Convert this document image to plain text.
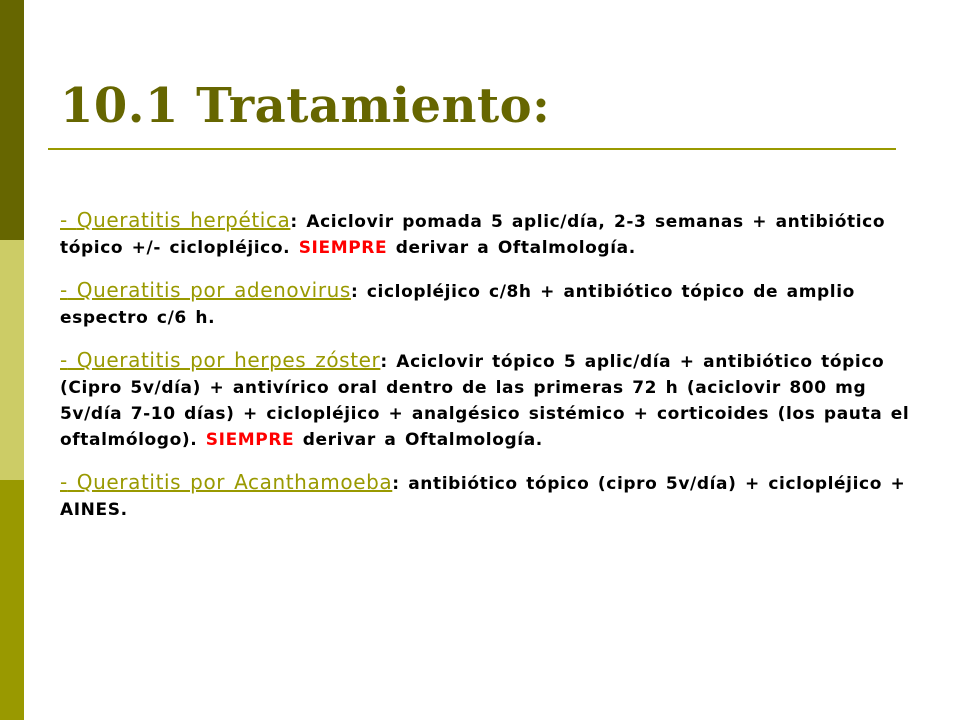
10.1 Tratamiento:

- Queratitis herpética: Aciclovir pomada 5 aplic/día, 2-3 semanas + antibiótico tópico +/- ciclopléjico. SIEMPRE derivar a Oftalmología.

- Queratitis por adenovirus: ciclopléjico c/8h + antibiótico tópico de amplio espectro c/6 h.

- Queratitis por herpes zóster: Aciclovir tópico 5 aplic/día + antibiótico tópico (Cipro 5v/día) + antivírico oral dentro de las primeras 72 h (aciclovir 800 mg 5v/día 7-10 días) + ciclopléjico + analgésico sistémico + corticoides (los pauta el oftalmólogo). SIEMPRE derivar a Oftalmología.

- Queratitis por Acanthamoeba: antibiótico tópico (cipro 5v/día) + ciclopléjico + AINES.
